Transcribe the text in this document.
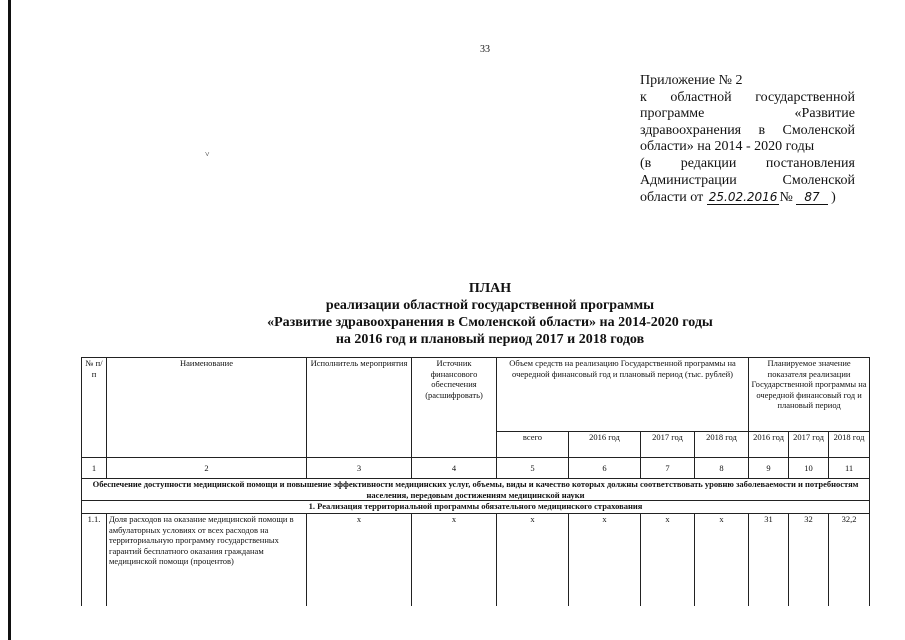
33
Приложение № 2
к областной государственной
программе «Развитие
здравоохранения в Смоленской
области» на 2014 - 2020 годы
(в редакции постановления
Администрации Смоленской
области от 25.02.2016 № 87 )
˅
ПЛАН
реализации областной государственной программы
«Развитие здравоохранения в Смоленской области» на 2014-2020 годы
на 2016 год и плановый период 2017 и 2018 годов
№ п/п	Наименование	Исполнитель мероприятия	Источник финансового обеспечения (расшифровать)	Объем средств на реализацию Государственной программы на очередной финансовый год и плановый период (тыс. рублей)				Планируемое значение показателя реализации Государственной программы на очередной финансовый год и плановый период		
				всего	2016 год	2017 год	2018 год	2016 год	2017 год	2018 год
1	2	3	4	5	6	7	8	9	10	11
Обеспечение доступности медицинской помощи и повышение эффективности медицинских услуг, объемы, виды и качество которых должны соответствовать уровню заболеваемости и потребностям населения, передовым достижениям медицинской науки										
1. Реализация территориальной программы обязательного медицинского страхования										
1.1.	Доля расходов на оказание медицинской помощи в амбулаторных условиях от всех расходов на территориальную программу государственных гарантий бесплатного оказания гражданам медицинской помощи (процентов)	х	х	х	х	х	х	31	32	32,2
